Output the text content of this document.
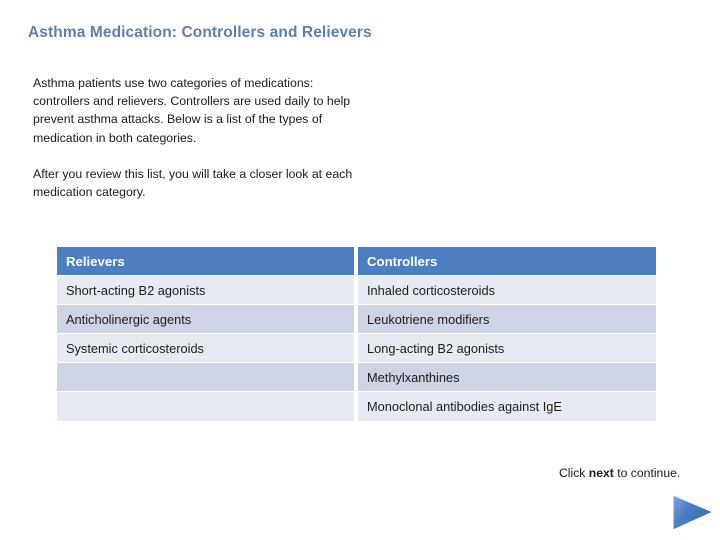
Asthma Medication: Controllers and Relievers

Asthma patients use two categories of medications: controllers and relievers. Controllers are used daily to help prevent asthma attacks. Below is a list of the types of medication in both categories.

After you review this list, you will take a closer look at each medication category.

Relievers
Short-acting B2 agonists
Anticholinergic agents
Systemic corticosteroids
Controllers
Inhaled corticosteroids
Leukotriene modifiers
Long-acting B2 agonists
Methylxanthines
Monoclonal antibodies against IgE
Click next to continue.
